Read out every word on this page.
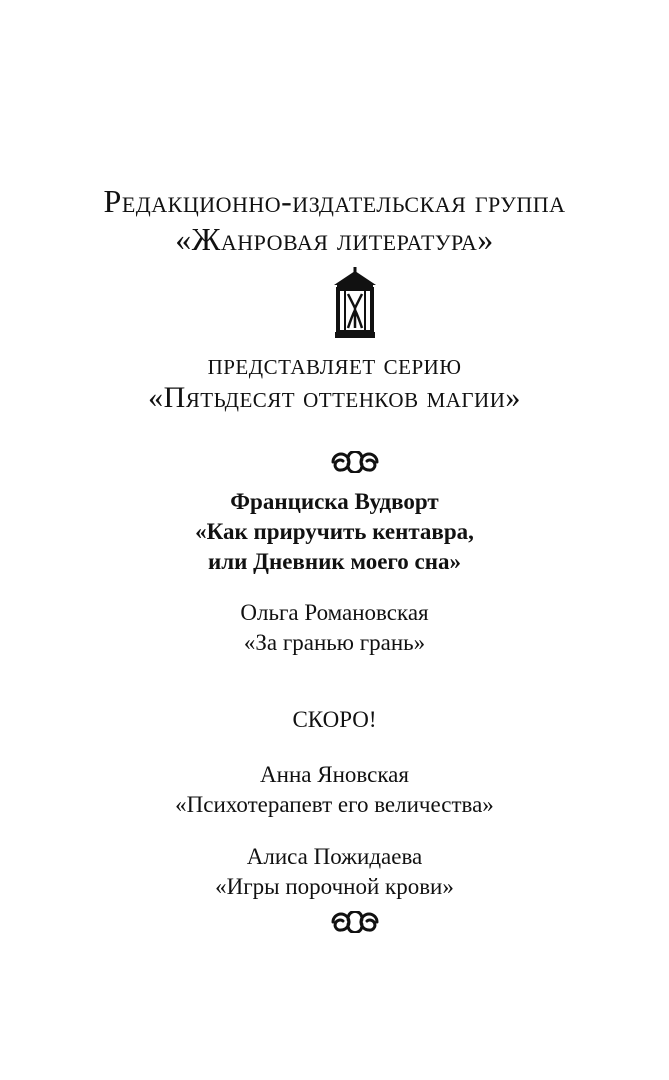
Редакционно-издательская группа
«Жанровая литература»
представляет серию
«Пятьдесят оттенков магии»
Франциска Вудворт
«Как приручить кентавра,
или Дневник моего сна»
Ольга Романовская
«За гранью грань»
СКОРО!
Анна Яновская
«Психотерапевт его величества»
Алиса Пожидаева
«Игры порочной крови»
